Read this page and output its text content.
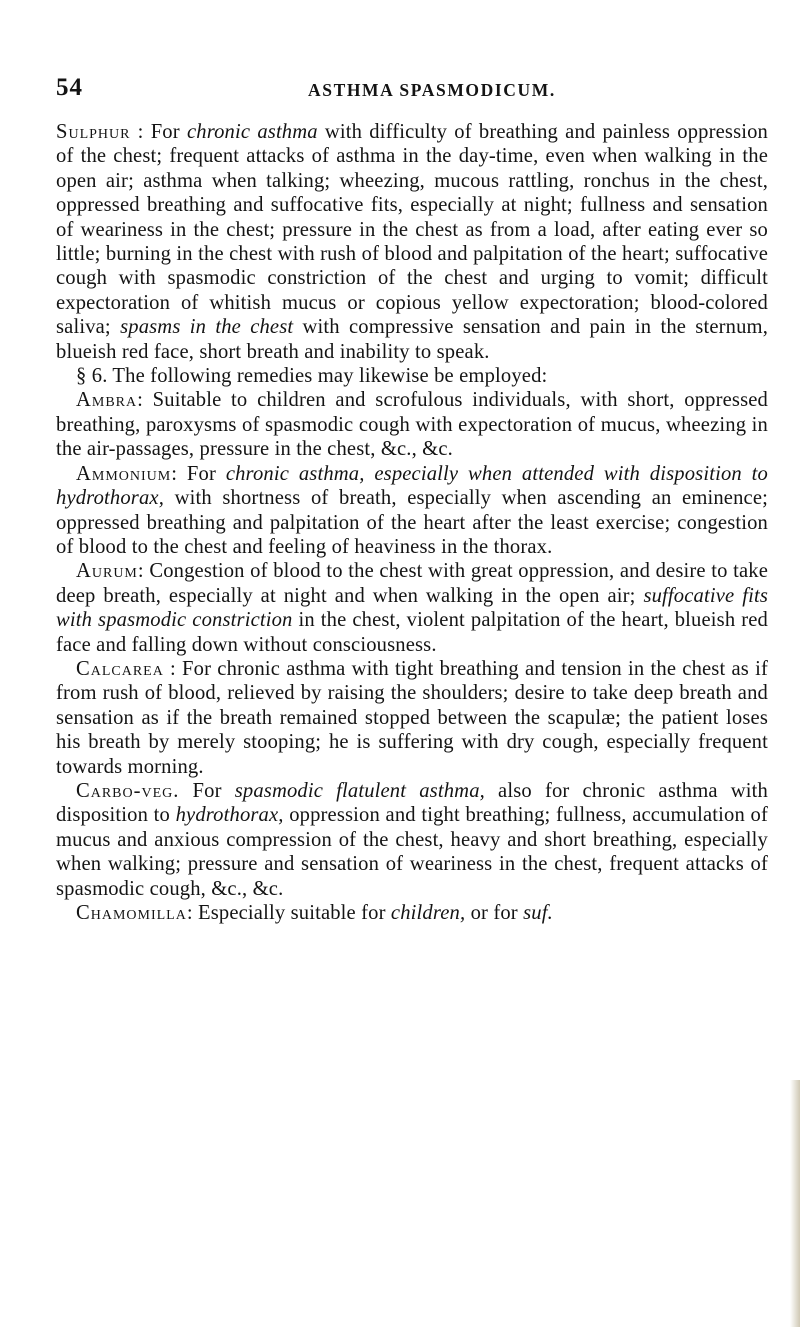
54	ASTHMA SPASMODICUM.

Sulphur : For chronic asthma with difficulty of breathing and painless oppression of the chest; frequent attacks of asthma in the day-time, even when walking in the open air; asthma when talking; wheezing, mucous rattling, ronchus in the chest, oppressed breathing and suffocative fits, especially at night; fullness and sensation of weariness in the chest; pressure in the chest as from a load, after eating ever so little; burning in the chest with rush of blood and palpitation of the heart; suffocative cough with spasmodic constriction of the chest and urging to vomit; difficult expectoration of whitish mucus or copious yellow expectoration; blood-colored saliva; spasms in the chest with compressive sensation and pain in the sternum, blueish red face, short breath and inability to speak.

§ 6. The following remedies may likewise be employed:

Ambra: Suitable to children and scrofulous individuals, with short, oppressed breathing, paroxysms of spasmodic cough with expectoration of mucus, wheezing in the air-passages, pressure in the chest, &c., &c.

Ammonium: For chronic asthma, especially when attended with disposition to hydrothorax, with shortness of breath, especially when ascending an eminence; oppressed breathing and palpitation of the heart after the least exercise; congestion of blood to the chest and feeling of heaviness in the thorax.

Aurum: Congestion of blood to the chest with great oppression, and desire to take deep breath, especially at night and when walking in the open air; suffocative fits with spasmodic constriction in the chest, violent palpitation of the heart, blueish red face and falling down without consciousness.

Calcarea : For chronic asthma with tight breathing and tension in the chest as if from rush of blood, relieved by raising the shoulders; desire to take deep breath and sensation as if the breath remained stopped between the scapulæ; the patient loses his breath by merely stooping; he is suffering with dry cough, especially frequent towards morning.

Carbo-veg. For spasmodic flatulent asthma, also for chronic asthma with disposition to hydrothorax, oppression and tight breathing; fullness, accumulation of mucus and anxious compression of the chest, heavy and short breathing, especially when walking; pressure and sensation of weariness in the chest, frequent attacks of spasmodic cough, &c., &c.

Chamomilla: Especially suitable for children, or for suf.
